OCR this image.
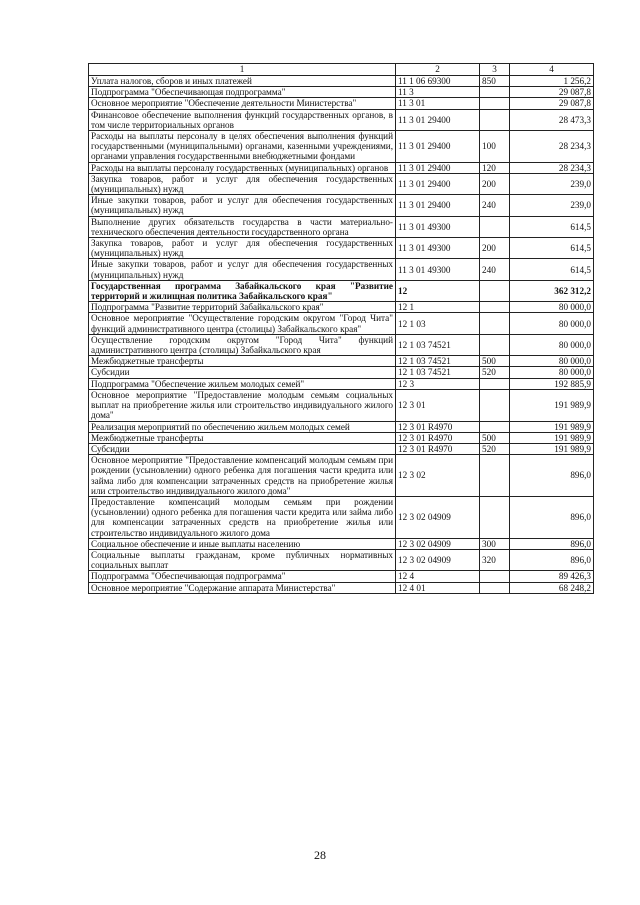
1	2	3	4
Уплата налогов, сборов и иных платежей	11 1 06 69300	850	1 256,2
Подпрограмма "Обеспечивающая подпрограмма"	11 3		29 087,8
Основное мероприятие "Обеспечение деятельности Министерства"	11 3 01		29 087,8
Финансовое обеспечение выполнения функций государственных органов, в том числе территориальных органов	11 3 01 29400		28 473,3
Расходы на выплаты персоналу в целях обеспечения выполнения функций государственными (муниципальными) органами, казенными учреждениями, органами управления государственными внебюджетными фондами	11 3 01 29400	100	28 234,3
Расходы на выплаты персоналу государственных (муниципальных) органов	11 3 01 29400	120	28 234,3
Закупка товаров, работ и услуг для обеспечения государственных (муниципальных) нужд	11 3 01 29400	200	239,0
Иные закупки товаров, работ и услуг для обеспечения государственных (муниципальных) нужд	11 3 01 29400	240	239,0
Выполнение других обязательств государства в части материально-технического обеспечения деятельности государственного органа	11 3 01 49300		614,5
Закупка товаров, работ и услуг для обеспечения государственных (муниципальных) нужд	11 3 01 49300	200	614,5
Иные закупки товаров, работ и услуг для обеспечения государственных (муниципальных) нужд	11 3 01 49300	240	614,5
Государственная программа Забайкальского края "Развитие территорий и жилищная политика Забайкальского края"	12		362 312,2
Подпрограмма "Развитие территорий Забайкальского края"	12 1		80 000,0
Основное мероприятие "Осуществление городским округом "Город Чита" функций административного центра (столицы) Забайкальского края"	12 1 03		80 000,0
Осуществление городским округом "Город Чита" функций административного центра (столицы) Забайкальского края	12 1 03 74521		80 000,0
Межбюджетные трансферты	12 1 03 74521	500	80 000,0
Субсидии	12 1 03 74521	520	80 000,0
Подпрограмма "Обеспечение жильем молодых семей"	12 3		192 885,9
Основное мероприятие "Предоставление молодым семьям социальных выплат на приобретение жилья или строительство индивидуального жилого дома"	12 3 01		191 989,9
Реализация мероприятий по обеспечению жильем молодых семей	12 3 01 R4970		191 989,9
Межбюджетные трансферты	12 3 01 R4970	500	191 989,9
Субсидии	12 3 01 R4970	520	191 989,9
Основное мероприятие "Предоставление компенсаций молодым семьям при рождении (усыновлении) одного ребенка для погашения части кредита или займа либо для компенсации затраченных средств на приобретение жилья или строительство индивидуального жилого дома"	12 3 02		896,0
Предоставление компенсаций молодым семьям при рождении (усыновлении) одного ребенка для погашения части кредита или займа либо для компенсации затраченных средств на приобретение жилья или строительство индивидуального жилого дома	12 3 02 04909		896,0
Социальное обеспечение и иные выплаты населению	12 3 02 04909	300	896,0
Социальные выплаты гражданам, кроме публичных нормативных социальных выплат	12 3 02 04909	320	896,0
Подпрограмма "Обеспечивающая подпрограмма"	12 4		89 426,3
Основное мероприятие "Содержание аппарата Министерства"	12 4 01		68 248,2
28
